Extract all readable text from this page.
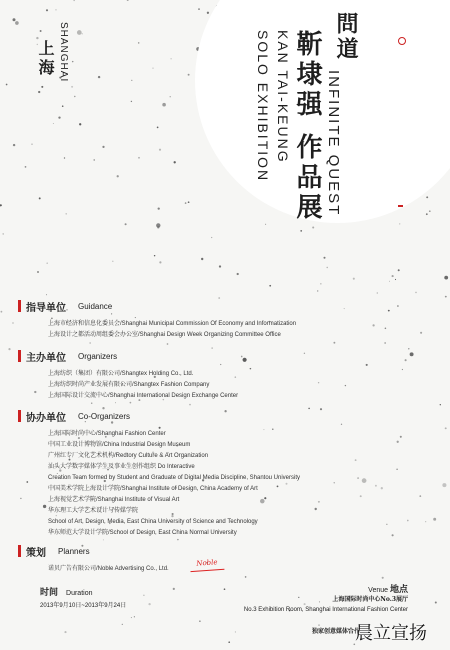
問道
INFINITE QUEST
靳埭强 作品展
KAN TAI-KEUNG
SOLO EXHIBITION
SHANGHAI
上海
指导单位 Guidance
上海市经济和信息化委员会/Shanghai Municipal Commission Of Economy and Informatization
上海设计之都活动周组委会办公室/Shanghai Design Week Organizing Committee Office
主办单位 Organizers
上海纺织（集团）有限公司/Shangtex Holding Co., Ltd.
上海纺织时尚产业发展有限公司/Shangtex Fashion Company
上海国际设计交流中心/Shanghai International Design Exchange Center
协办单位 Co-Organizers
上海国际时尚中心/Shanghai Fashion Center
中国工业设计博物馆/China Industrial Design Museum
广州红专厂文化艺术机构/Redtory Culture & Art Organization
汕头大学数字媒体学生及事业生创作组织 Do Interactive
Creation Team formed by Student and Graduate of Digital Media Discipline, Shantou University
中国美术学院上海设计学院/Shanghai Institute of Design, China Academy of Art
上海视觉艺术学院/Shanghai Institute of Visual Art
华东理工大学艺术设计与传媒学院
School of Art, Design, Media, East China University of Science and Technology
华东师范大学设计学院/School of Design, East China Normal University
策划 Planners
诺贝广告有限公司/Noble Advertising Co., Ltd.
Noble
时间 Duration
2013年9月10日~2013年9月24日
Venue 地点
上海国际时尚中心No.3展厅
No.3 Exhibition Room, Shanghai International Fashion Center
独家创意媒体合作
晨立宣扬
